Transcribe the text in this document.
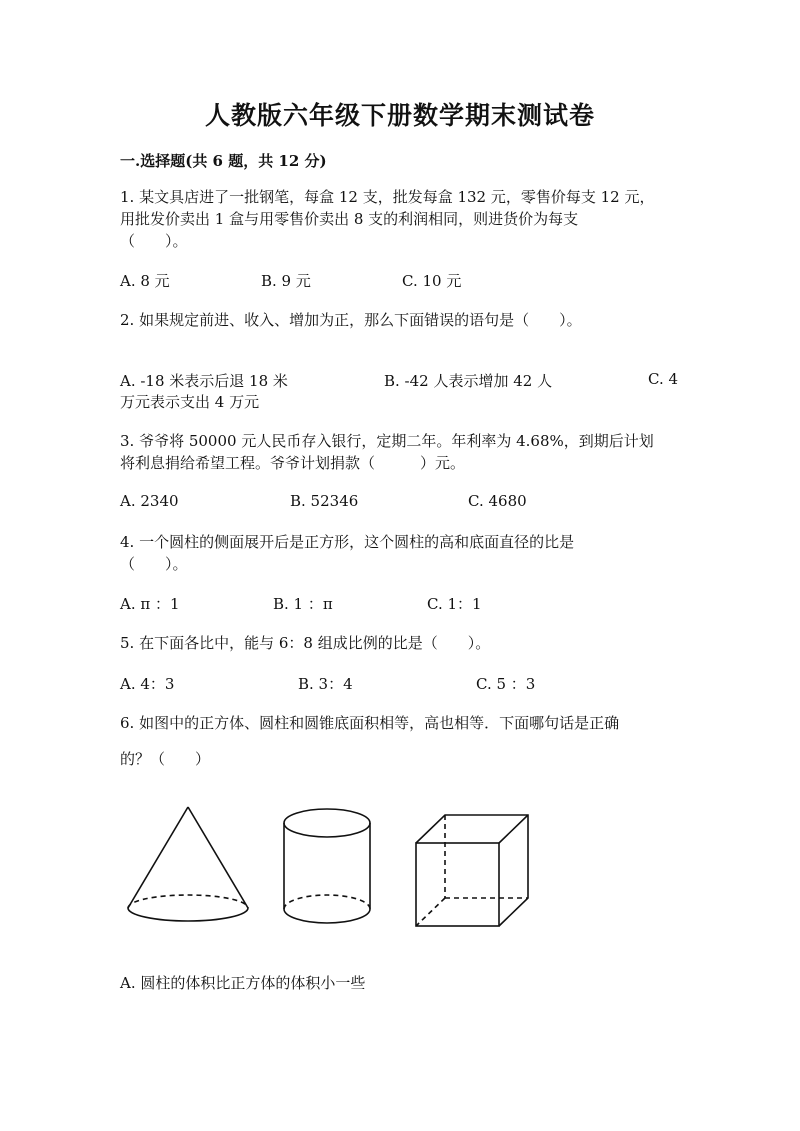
人教版六年级下册数学期末测试卷
一.选择题(共 6 题，共 12 分)
1. 某文具店进了一批钢笔，每盒 12 支，批发每盒 132 元，零售价每支 12 元，
用批发价卖出 1 盒与用零售价卖出 8 支的利润相同，则进货价为每支
（　　）。
A. 8 元	B. 9 元	C. 10 元
2. 如果规定前进、收入、增加为正，那么下面错误的语句是（　　）。
A. -18 米表示后退 18 米	B. -42 人表示增加 42 人	C. 4
万元表示支出 4 万元
3. 爷爷将 50000 元人民币存入银行，定期二年。年利率为 4.68%，到期后计划
将利息捐给希望工程。爷爷计划捐款（　　　）元。
A. 2340	B. 52346	C. 4680
4. 一个圆柱的侧面展开后是正方形，这个圆柱的高和底面直径的比是
（　　）。
A. π ：1	B. 1 ：π	C. 1：1
5. 在下面各比中，能与 6：8 组成比例的比是（　　）。
A. 4：3	B. 3：4	C. 5 ：3
6. 如图中的正方体、圆柱和圆锥底面积相等，高也相等．下面哪句话是正确
的？（　　）
A. 圆柱的体积比正方体的体积小一些
